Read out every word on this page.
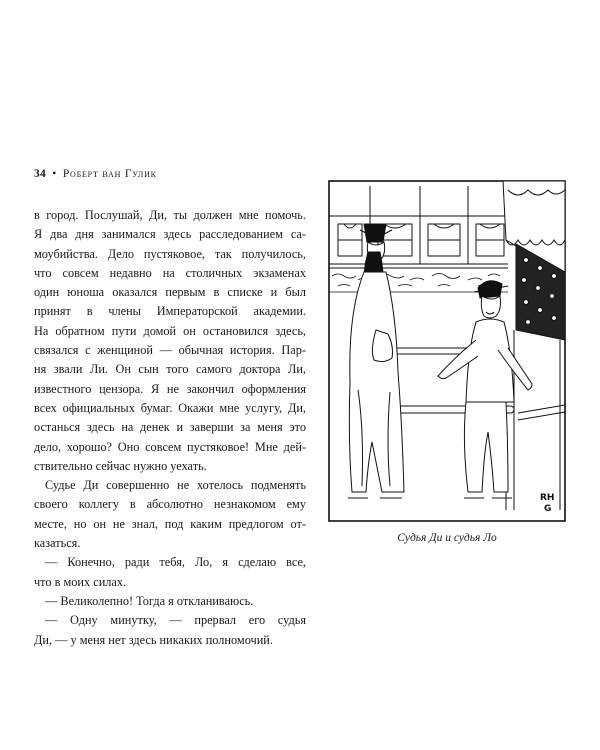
34 • Роберт ван Гулик

в город. Послушай, Ди, ты должен мне помочь.

Я два дня занимался здесь расследованием са-

моубийства. Дело пустяковое, так получилось,

что совсем недавно на столичных экзаменах

один юноша оказался первым в списке и был

принят в члены Императорской академии.

На обратном пути домой он остановился здесь,

связался с женщиной — обычная история. Пар-

ня звали Ли. Он сын того самого доктора Ли,

известного цензора. Я не закончил оформления

всех официальных бумаг. Окажи мне услугу, Ди,

останься здесь на денек и заверши за меня это

дело, хорошо? Оно совсем пустяковое! Мне дей-

ствительно сейчас нужно уехать.

Судье Ди совершенно не хотелось подменять

своего коллегу в абсолютно незнакомом ему

месте, но он не знал, под каким предлогом от-

казаться.

— Конечно, ради тебя, Ло, я сделаю все,

что в моих силах.

— Великолепно! Тогда я откланиваюсь.

— Одну минутку, — прервал его судья

Ди, — у меня нет здесь никаких полномочий.

RH
G
Судья Ди и судья Ло
